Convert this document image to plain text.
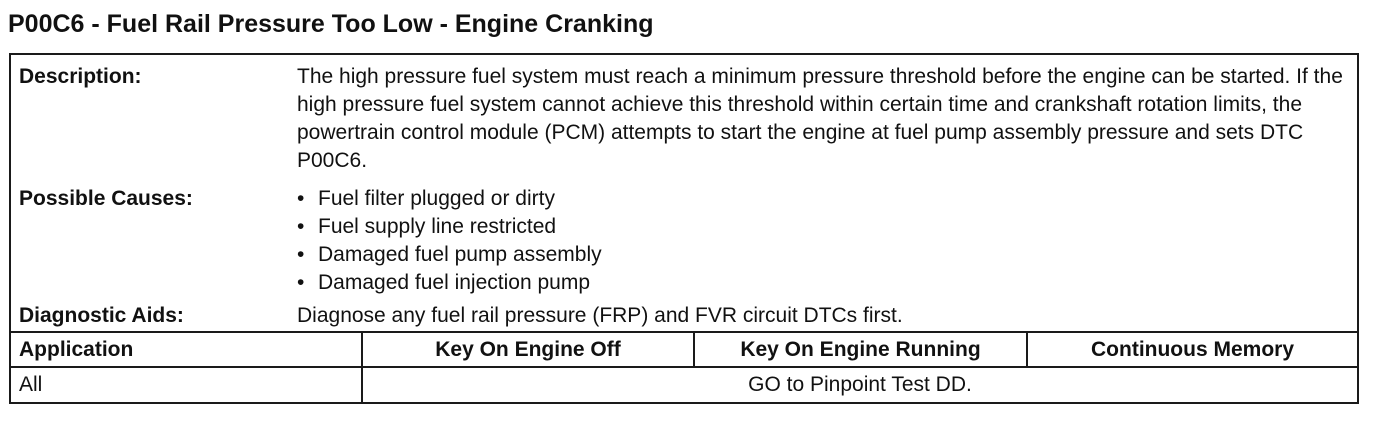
P00C6 - Fuel Rail Pressure Too Low - Engine Cranking
Description:	The high pressure fuel system must reach a minimum pressure threshold before the engine can be started. If the high pressure fuel system cannot achieve this threshold within certain time and crankshaft rotation limits, the powertrain control module (PCM) attempts to start the engine at fuel pump assembly pressure and sets DTC P00C6.
Possible Causes:	• Fuel filter plugged or dirty
• Fuel supply line restricted
• Damaged fuel pump assembly
• Damaged fuel injection pump
Diagnostic Aids:	Diagnose any fuel rail pressure (FRP) and FVR circuit DTCs first.
Application	Key On Engine Off	Key On Engine Running	Continuous Memory
All	GO to Pinpoint Test DD.		
